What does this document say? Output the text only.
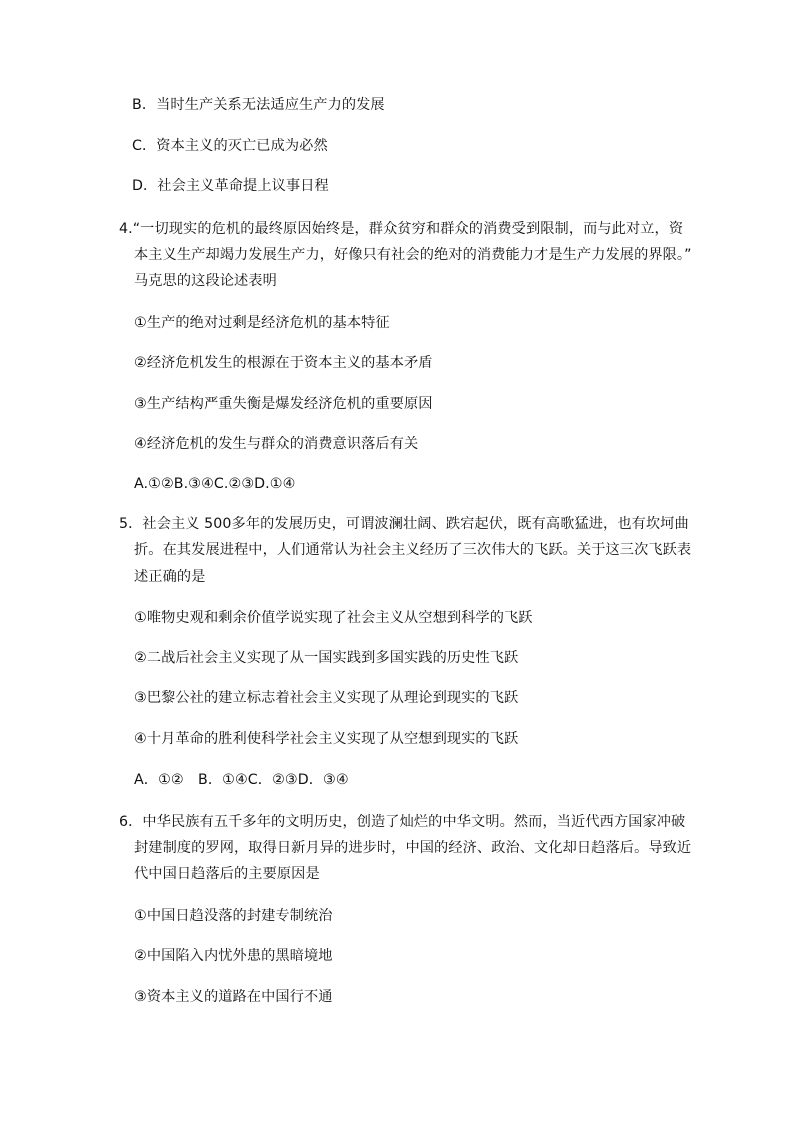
B．当时生产关系无法适应生产力的发展
C．资本主义的灭亡已成为必然
D．社会主义革命提上议事日程
4.“一切现实的危机的最终原因始终是，群众贫穷和群众的消费受到限制，而与此对立，资
本主义生产却竭力发展生产力，好像只有社会的绝对的消费能力才是生产力发展的界限。”
马克思的这段论述表明
①生产的绝对过剩是经济危机的基本特征
②经济危机发生的根源在于资本主义的基本矛盾
③生产结构严重失衡是爆发经济危机的重要原因
④经济危机的发生与群众的消费意识落后有关
A.①②B.③④C.②③D.①④
5．社会主义 500多年的发展历史，可谓波澜壮阔、跌宕起伏，既有高歌猛进，也有坎坷曲
折。在其发展进程中，人们通常认为社会主义经历了三次伟大的飞跃。关于这三次飞跃表
述正确的是
①唯物史观和剩余价值学说实现了社会主义从空想到科学的飞跃
②二战后社会主义实现了从一国实践到多国实践的历史性飞跃
③巴黎公社的建立标志着社会主义实现了从理论到现实的飞跃
④十月革命的胜利使科学社会主义实现了从空想到现实的飞跃
A．①②　B．①④C．②③D．③④
6．中华民族有五千多年的文明历史，创造了灿烂的中华文明。然而，当近代西方国家冲破
封建制度的罗网，取得日新月异的进步时，中国的经济、政治、文化却日趋落后。导致近
代中国日趋落后的主要原因是
①中国日趋没落的封建专制统治
②中国陷入内忧外患的黑暗境地
③资本主义的道路在中国行不通
